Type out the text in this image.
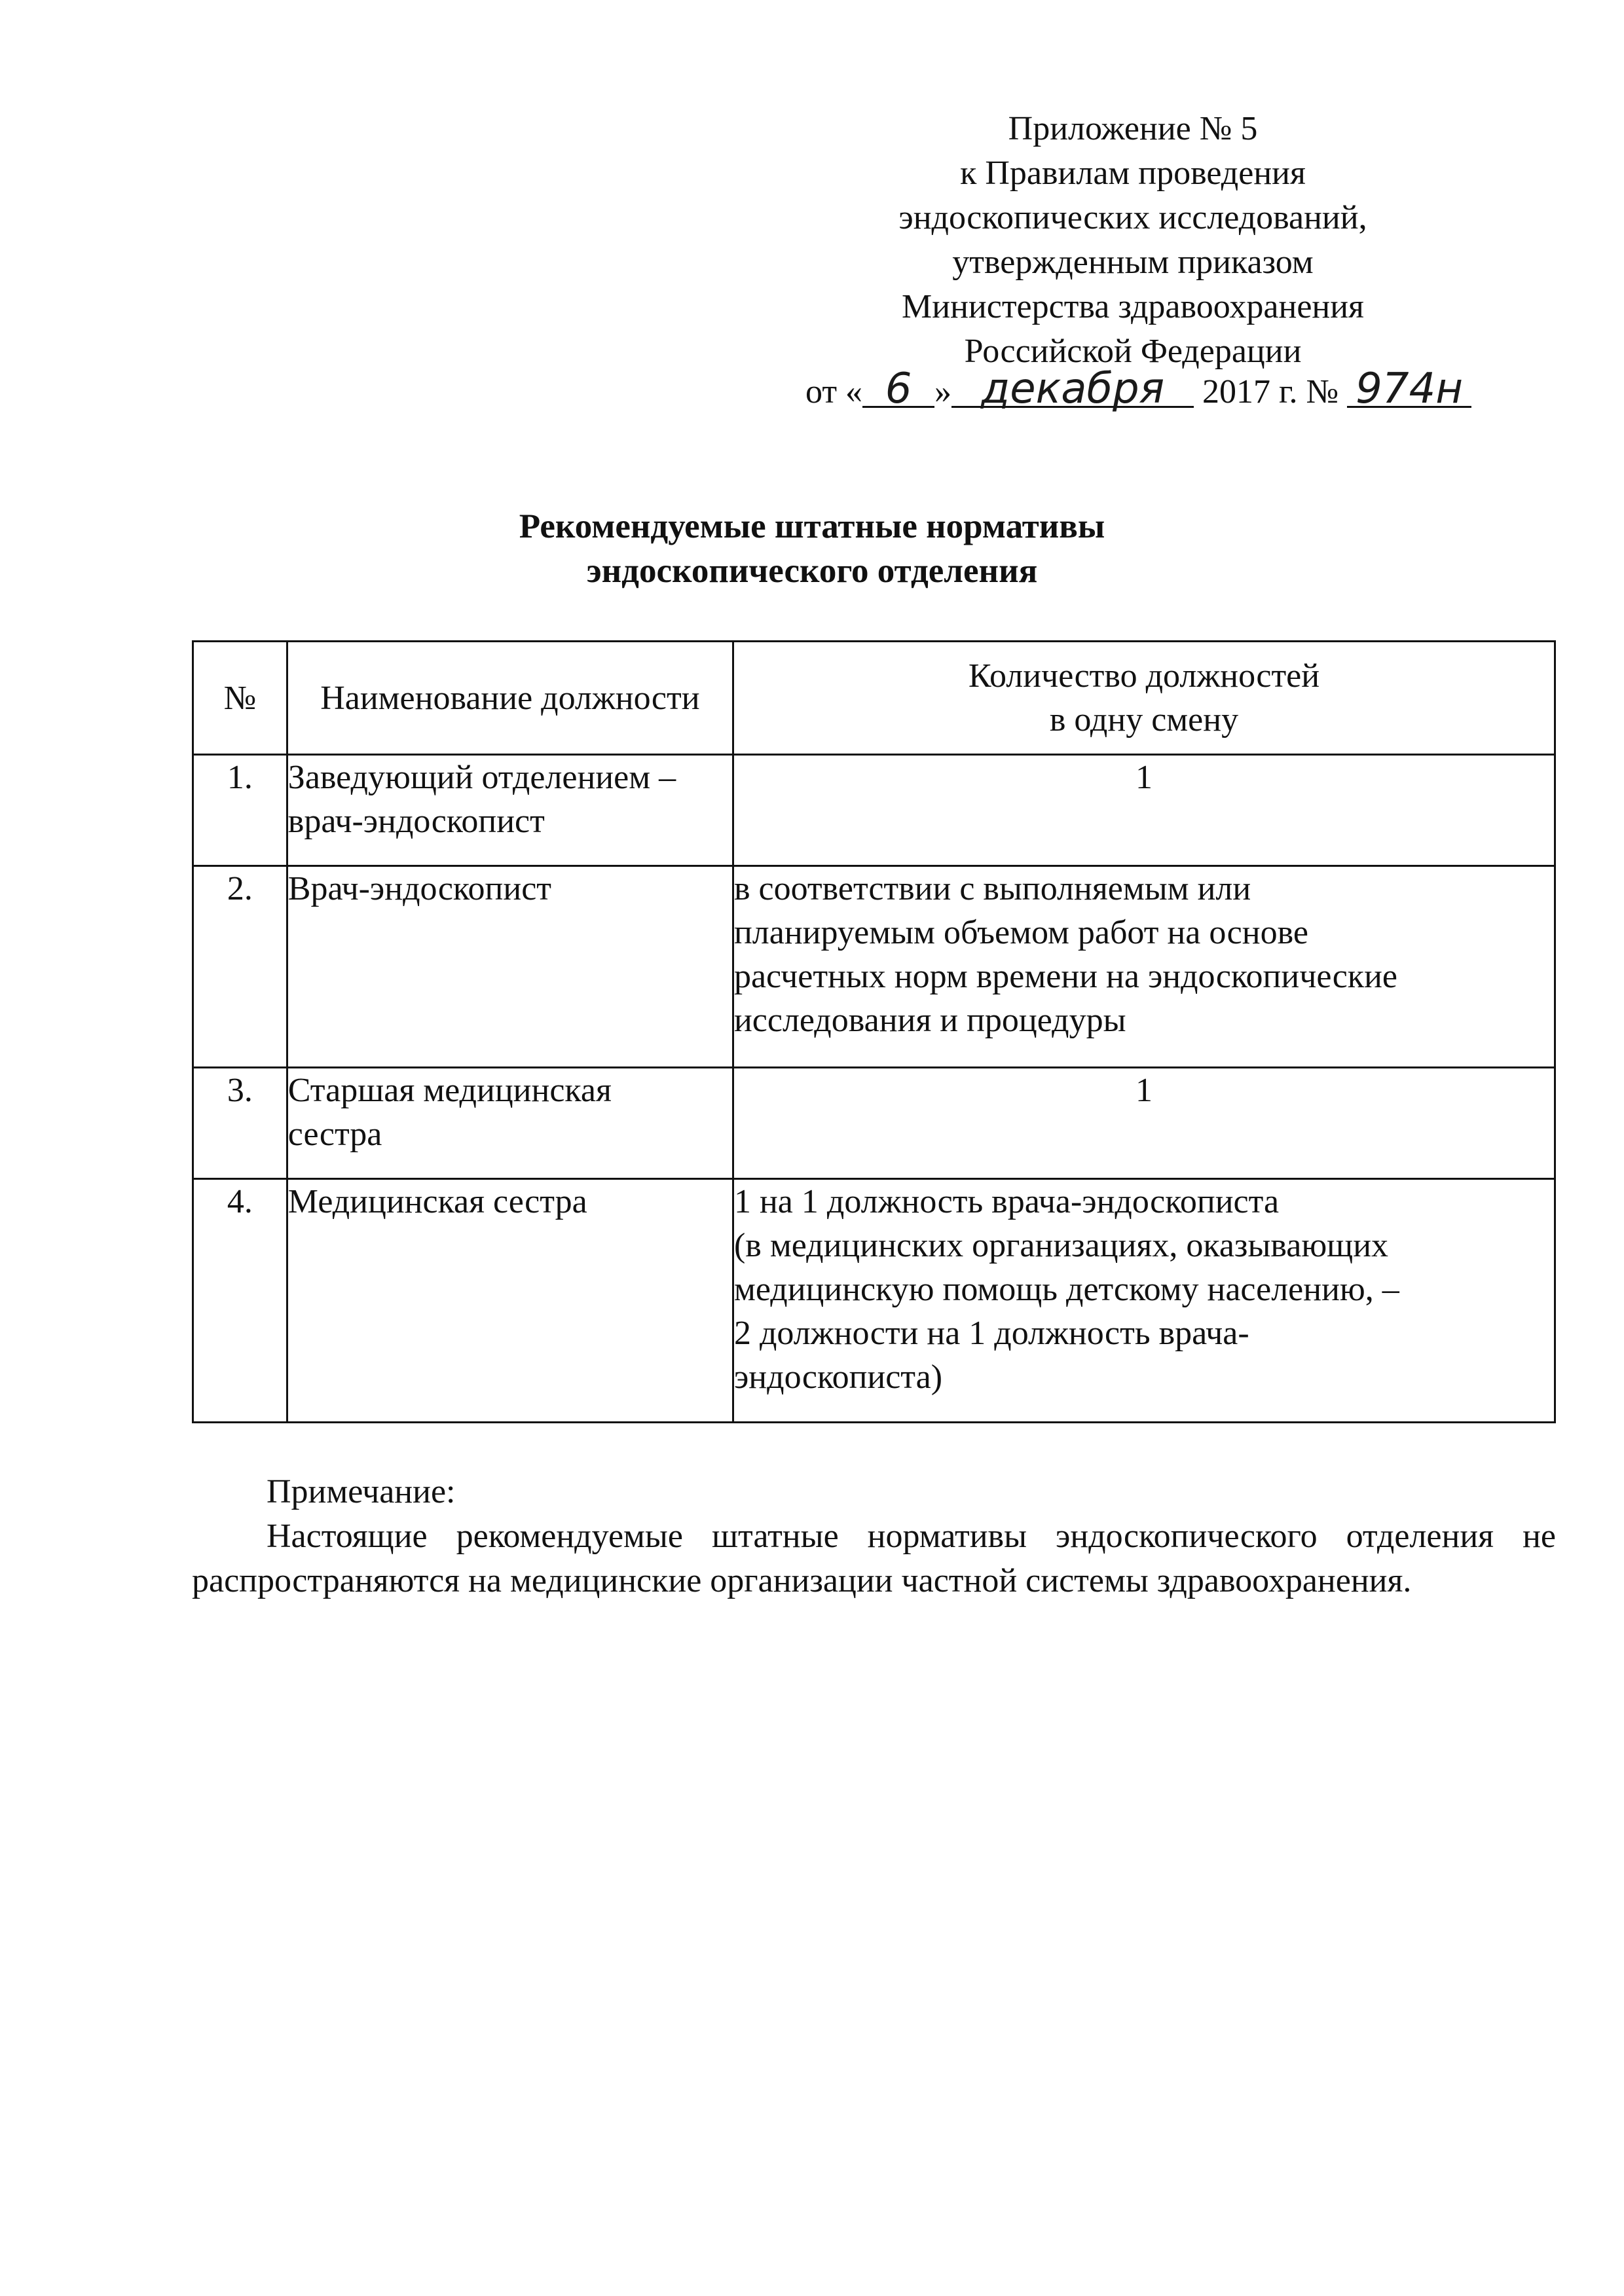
Приложение № 5
к Правилам проведения
эндоскопических исследований,
утвержденным приказом
Министерства здравоохранения
Российской Федерации
от « 6 » декабря 2017 г. № 974н
Рекомендуемые штатные нормативы
эндоскопического отделения
№	Наименование должности	Количество должностей
в одну смену

1.	Заведующий отделением –
врач-эндоскопист	1

2.	Врач-эндоскопист	в соответствии с выполняемым или
планируемым объемом работ на основе
расчетных норм времени на эндоскопические
исследования и процедуры

3.	Старшая медицинская
сестра	1

4.	Медицинская сестра	1 на 1 должность врача-эндоскописта
(в медицинских организациях, оказывающих
медицинскую помощь детскому населению, –
2 должности на 1 должность врача-
эндоскописта)
Примечание:

Настоящие рекомендуемые штатные нормативы эндоскопического отделения не распространяются на медицинские организации частной системы здравоохранения.
